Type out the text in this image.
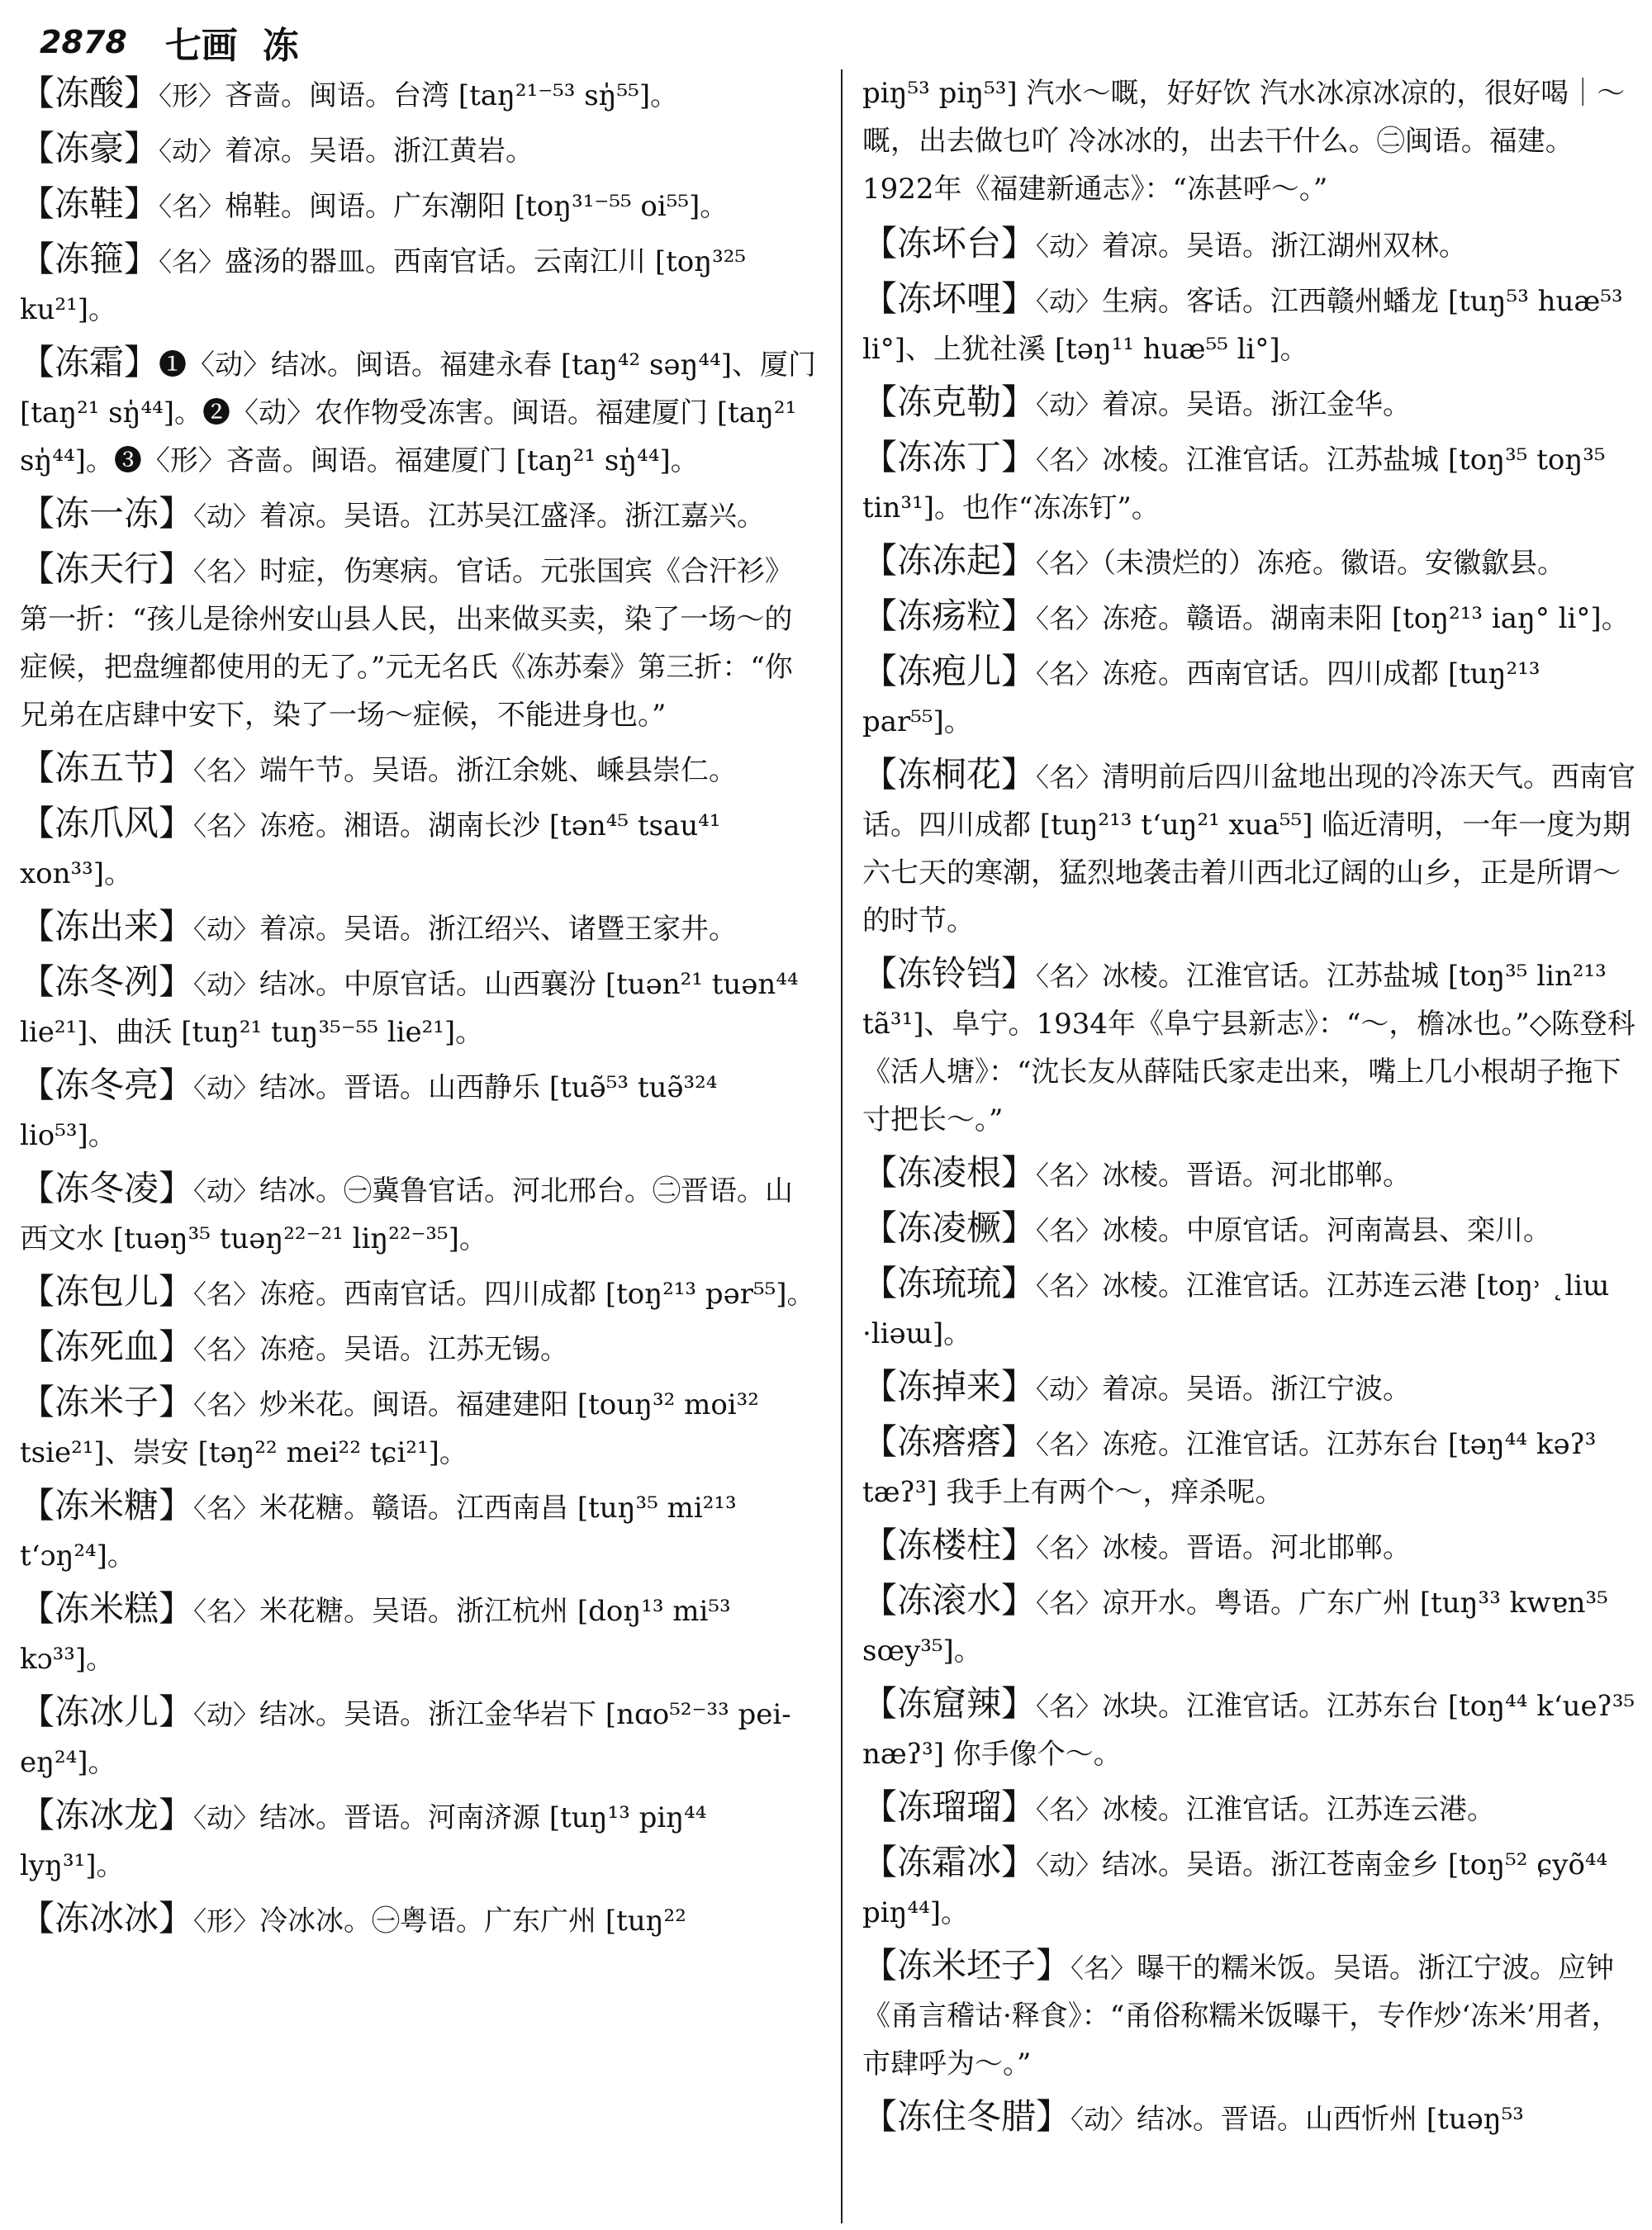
2878 七画 冻
【冻酸】〈形〉吝啬。闽语。台湾 [taŋ²¹⁻⁵³ sŋ̍⁵⁵]。
【冻豪】〈动〉着凉。吴语。浙江黄岩。
【冻鞋】〈名〉棉鞋。闽语。广东潮阳 [toŋ³¹⁻⁵⁵ oi⁵⁵]。
【冻箍】〈名〉盛汤的器皿。西南官话。云南江川 [toŋ³²⁵ ku²¹]。
【冻霜】❶〈动〉结冰。闽语。福建永春 [taŋ⁴² səŋ⁴⁴]、厦门 [taŋ²¹ sŋ̍⁴⁴]。❷〈动〉农作物受冻害。闽语。福建厦门 [taŋ²¹ sŋ̍⁴⁴]。❸〈形〉吝啬。闽语。福建厦门 [taŋ²¹ sŋ̍⁴⁴]。
【冻一冻】〈动〉着凉。吴语。江苏吴江盛泽。浙江嘉兴。
【冻天行】〈名〉时症，伤寒病。官话。元张国宾《合汗衫》第一折：“孩儿是徐州安山县人民，出来做买卖，染了一场～的症候，把盘缠都使用的无了。”元无名氏《冻苏秦》第三折：“你兄弟在店肆中安下，染了一场～症候，不能进身也。”
【冻五节】〈名〉端午节。吴语。浙江余姚、嵊县崇仁。
【冻爪风】〈名〉冻疮。湘语。湖南长沙 [tən⁴⁵ tsau⁴¹ xon³³]。
【冻出来】〈动〉着凉。吴语。浙江绍兴、诸暨王家井。
【冻冬冽】〈动〉结冰。中原官话。山西襄汾 [tuən²¹ tuən⁴⁴ lie²¹]、曲沃 [tuŋ²¹ tuŋ³⁵⁻⁵⁵ lie²¹]。
【冻冬亮】〈动〉结冰。晋语。山西静乐 [tuə̃⁵³ tuə̃³²⁴ lio⁵³]。
【冻冬凌】〈动〉结冰。㊀冀鲁官话。河北邢台。㊁晋语。山西文水 [tuəŋ³⁵ tuəŋ²²⁻²¹ liŋ²²⁻³⁵]。
【冻包儿】〈名〉冻疮。西南官话。四川成都 [toŋ²¹³ pər⁵⁵]。
【冻死血】〈名〉冻疮。吴语。江苏无锡。
【冻米子】〈名〉炒米花。闽语。福建建阳 [touŋ³² moi³² tsie²¹]、崇安 [təŋ²² mei²² tɕi²¹]。
【冻米糖】〈名〉米花糖。赣语。江西南昌 [tuŋ³⁵ mi²¹³ tʻɔŋ²⁴]。
【冻米糕】〈名〉米花糖。吴语。浙江杭州 [doŋ¹³ mi⁵³ kɔ³³]。
【冻冰儿】〈动〉结冰。吴语。浙江金华岩下 [nɑo⁵²⁻³³ pei-eŋ²⁴]。
【冻冰龙】〈动〉结冰。晋语。河南济源 [tuŋ¹³ piŋ⁴⁴ lyŋ³¹]。
【冻冰冰】〈形〉冷冰冰。㊀粤语。广东广州 [tuŋ²²
piŋ⁵³ piŋ⁵³] 汽水～嘅，好好饮 汽水冰凉冰凉的，很好喝｜～嘅，出去做乜吖 冷冰冰的，出去干什么。㊁闽语。福建。1922年《福建新通志》：“冻甚呼～。”
【冻坏台】〈动〉着凉。吴语。浙江湖州双林。
【冻坏哩】〈动〉生病。客话。江西赣州蟠龙 [tuŋ⁵³ huæ⁵³ li°]、上犹社溪 [təŋ¹¹ huæ⁵⁵ li°]。
【冻克勒】〈动〉着凉。吴语。浙江金华。
【冻冻丁】〈名〉冰棱。江淮官话。江苏盐城 [toŋ³⁵ toŋ³⁵ tin³¹]。也作“冻冻钉”。
【冻冻起】〈名〉（未溃烂的）冻疮。徽语。安徽歙县。
【冻疡粒】〈名〉冻疮。赣语。湖南耒阳 [toŋ²¹³ iaŋ° li°]。
【冻疱儿】〈名〉冻疮。西南官话。四川成都 [tuŋ²¹³ par⁵⁵]。
【冻桐花】〈名〉清明前后四川盆地出现的冷冻天气。西南官话。四川成都 [tuŋ²¹³ tʻuŋ²¹ xua⁵⁵] 临近清明，一年一度为期六七天的寒潮，猛烈地袭击着川西北辽阔的山乡，正是所谓～的时节。
【冻铃铛】〈名〉冰棱。江淮官话。江苏盐城 [toŋ³⁵ lin²¹³ tã³¹]、阜宁。1934年《阜宁县新志》：“～，檐冰也。”◇陈登科《活人塘》：“沈长友从薛陆氏家走出来，嘴上几小根胡子拖下寸把长～。”
【冻凌根】〈名〉冰棱。晋语。河北邯郸。
【冻凌橛】〈名〉冰棱。中原官话。河南嵩县、栾川。
【冻琉琉】〈名〉冰棱。江淮官话。江苏连云港 [toŋ˒ ˛liɯ ·liəɯ]。
【冻掉来】〈动〉着凉。吴语。浙江宁波。
【冻瘩瘩】〈名〉冻疮。江淮官话。江苏东台 [təŋ⁴⁴ kəʔ³ tæʔ³] 我手上有两个～，痒杀呢。
【冻楼柱】〈名〉冰棱。晋语。河北邯郸。
【冻滚水】〈名〉凉开水。粤语。广东广州 [tuŋ³³ kwɐn³⁵ sœy³⁵]。
【冻窟辣】〈名〉冰块。江淮官话。江苏东台 [toŋ⁴⁴ kʻueʔ³⁵ næʔ³] 你手像个～。
【冻瑠瑠】〈名〉冰棱。江淮官话。江苏连云港。
【冻霜冰】〈动〉结冰。吴语。浙江苍南金乡 [toŋ⁵² ɕyõ⁴⁴ piŋ⁴⁴]。
【冻米坯子】〈名〉曝干的糯米饭。吴语。浙江宁波。应钟《甬言稽诂·释食》：“甬俗称糯米饭曝干，专作炒‘冻米’用者，市肆呼为～。”
【冻住冬腊】〈动〉结冰。晋语。山西忻州 [tuəŋ⁵³
